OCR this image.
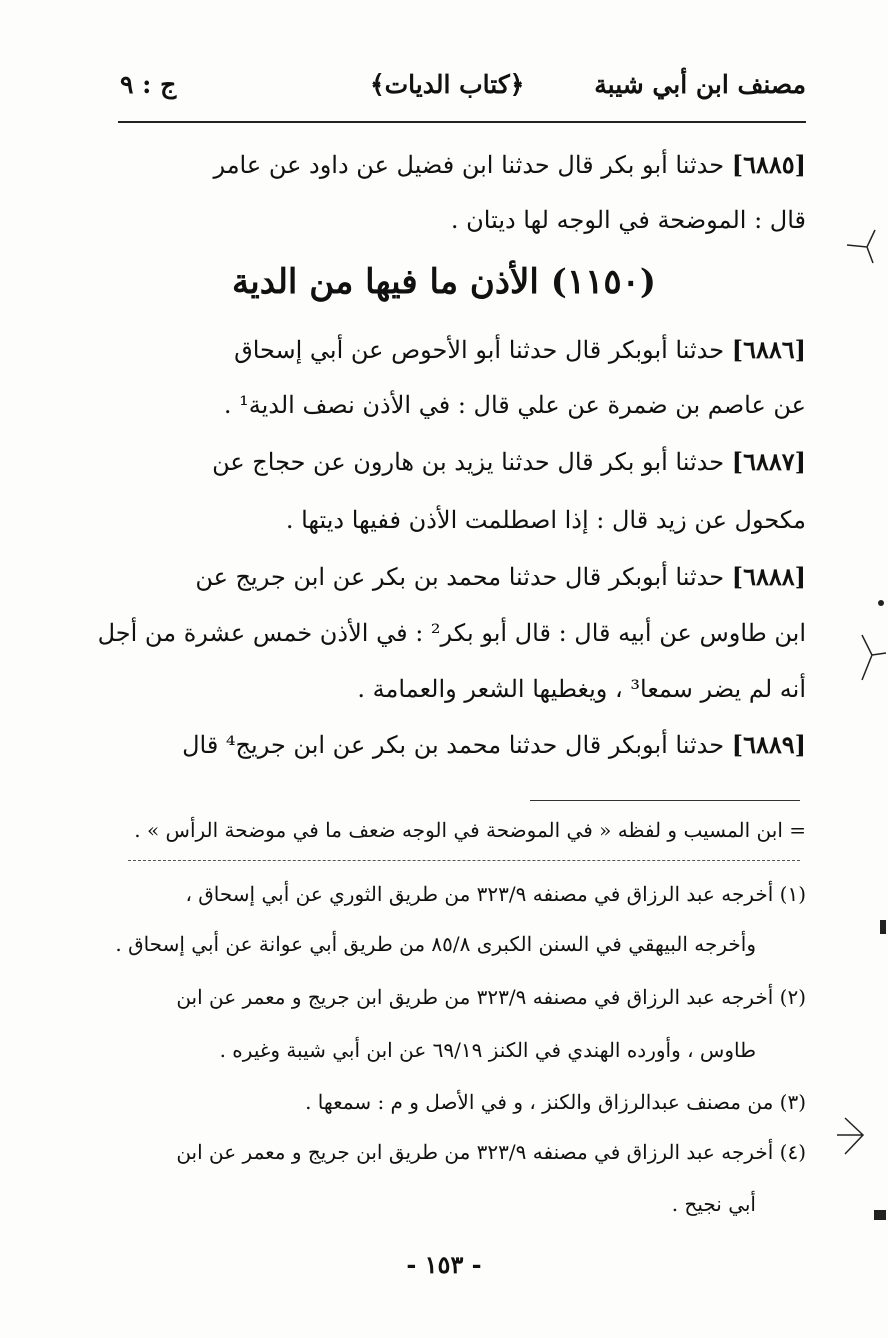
مصنف ابن أبي شيبة
﴿كتاب الديات﴾
ج : ٩
[٦٨٨٥] حدثنا أبو بكر قال حدثنا ابن فضيل عن داود عن عامر
قال : الموضحة في الوجه لها ديتان .
(١١٥٠) الأذن ما فيها من الدية
[٦٨٨٦] حدثنا أبوبكر قال حدثنا أبو الأحوص عن أبي إسحاق
عن عاصم بن ضمرة عن علي قال : في الأذن نصف الدية¹ .
[٦٨٨٧] حدثنا أبو بكر قال حدثنا يزيد بن هارون عن حجاج عن
مكحول عن زيد قال : إذا اصطلمت الأذن ففيها ديتها .
[٦٨٨٨] حدثنا أبوبكر قال حدثنا محمد بن بكر عن ابن جريج عن
ابن طاوس عن أبيه قال : قال أبو بكر² : في الأذن خمس عشرة من أجل
أنه لم يضر سمعا³ ، ويغطيها الشعر والعمامة .
[٦٨٨٩] حدثنا أبوبكر قال حدثنا محمد بن بكر عن ابن جريج⁴ قال
= ابن المسيب و لفظه « في الموضحة في الوجه ضعف ما في موضحة الرأس » .
(١) أخرجه عبد الرزاق في مصنفه ٣٢٣/٩ من طريق الثوري عن أبي إسحاق ،
وأخرجه البيهقي في السنن الكبرى ٨٥/٨ من طريق أبي عوانة عن أبي إسحاق .
(٢) أخرجه عبد الرزاق في مصنفه ٣٢٣/٩ من طريق ابن جريج و معمر عن ابن
طاوس ، وأورده الهندي في الكنز ٦٩/١٩ عن ابن أبي شيبة وغيره .
(٣) من مصنف عبدالرزاق والكنز ، و في الأصل و م : سمعها .
(٤) أخرجه عبد الرزاق في مصنفه ٣٢٣/٩ من طريق ابن جريج و معمر عن ابن
أبي نجيح .
- ١٥٣ -
